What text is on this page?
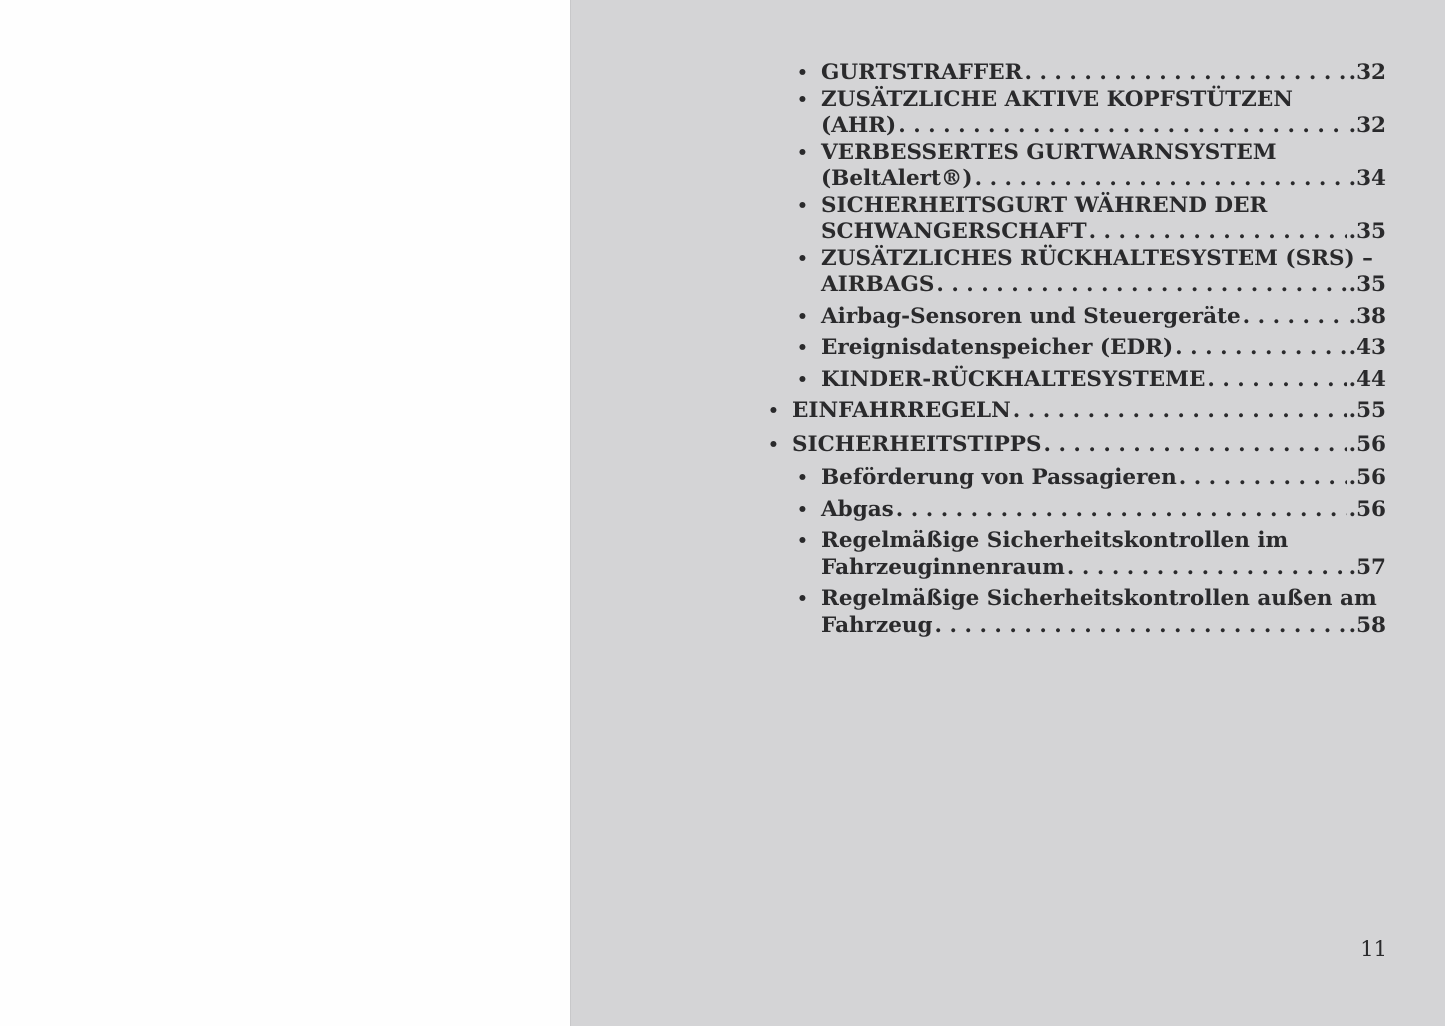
• GURTSTRAFFER . . .	.32
• ZUSÄTZLICHE AKTIVE KOPFSTÜTZEN
(AHR) . . .	.32
• VERBESSERTES GURTWARNSYSTEM
(BeltAlert®) . . .	.34
• SICHERHEITSGURT WÄHREND DER
SCHWANGERSCHAFT . . .	.35
• ZUSÄTZLICHES RÜCKHALTESYSTEM (SRS) –
AIRBAGS . . .	.35
• Airbag-Sensoren und Steuergeräte . . .	.38
• Ereignisdatenspeicher (EDR) . . .	.43
• KINDER-RÜCKHALTESYSTEME . . .	.44
• EINFAHRREGELN . . .	.55
• SICHERHEITSTIPPS . . .	.56
• Beförderung von Passagieren . . .	.56
• Abgas . . .	.56
• Regelmäßige Sicherheitskontrollen im
Fahrzeuginnenraum . . .	.57
• Regelmäßige Sicherheitskontrollen außen am
Fahrzeug . . .	.58
11
